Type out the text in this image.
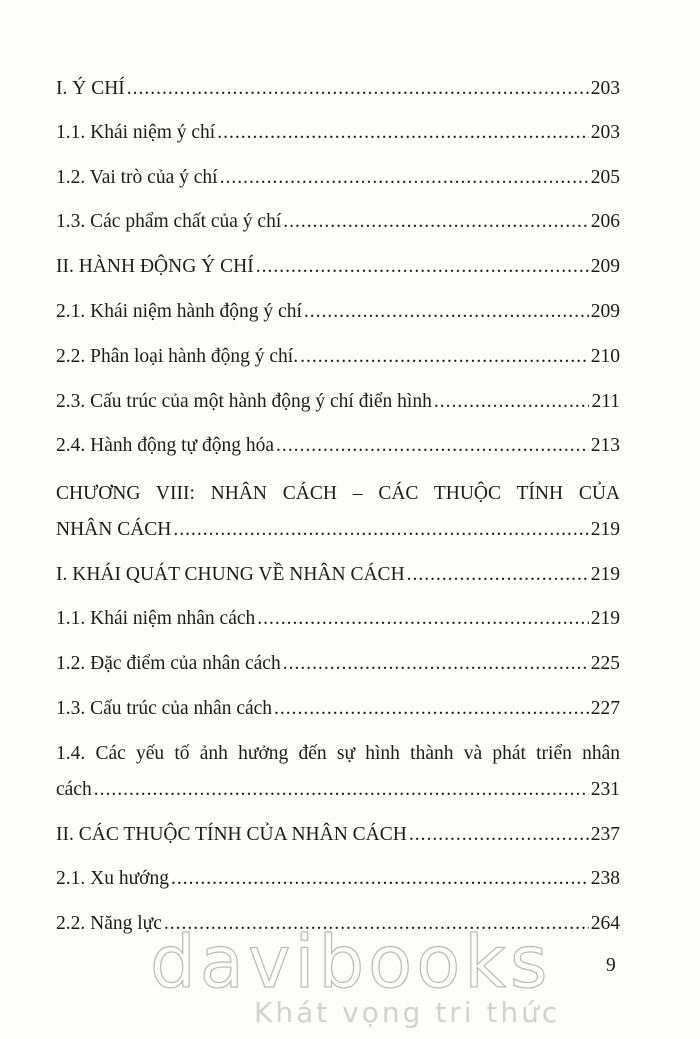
I. Ý CHÍ .....	203
1.1. Khái niệm ý chí .....	203
1.2. Vai trò của ý chí .....	205
1.3. Các phẩm chất của ý chí .....	206
II. HÀNH ĐỘNG Ý CHÍ .....	209
2.1. Khái niệm hành động ý chí .....	209
2.2. Phân loại hành động ý chí. .....	210
2.3. Cấu trúc của một hành động ý chí điển hình .....	211
2.4. Hành động tự động hóa .....	213
CHƯƠNG VIII: NHÂN CÁCH – CÁC THUỘC TÍNH CỦA
NHÂN CÁCH .....	219
I. KHÁI QUÁT CHUNG VỀ NHÂN CÁCH .....	219
1.1. Khái niệm nhân cách .....	219
1.2. Đặc điểm của nhân cách .....	225
1.3. Cấu trúc của nhân cách .....	227
1.4. Các yếu tố ảnh hưởng đến sự hình thành và phát triển nhân
cách .....	231
II. CÁC THUỘC TÍNH CỦA NHÂN CÁCH .....	237
2.1. Xu hướng .....	238
2.2. Năng lực .....	264
davibooks
Khát vọng tri thức
9
